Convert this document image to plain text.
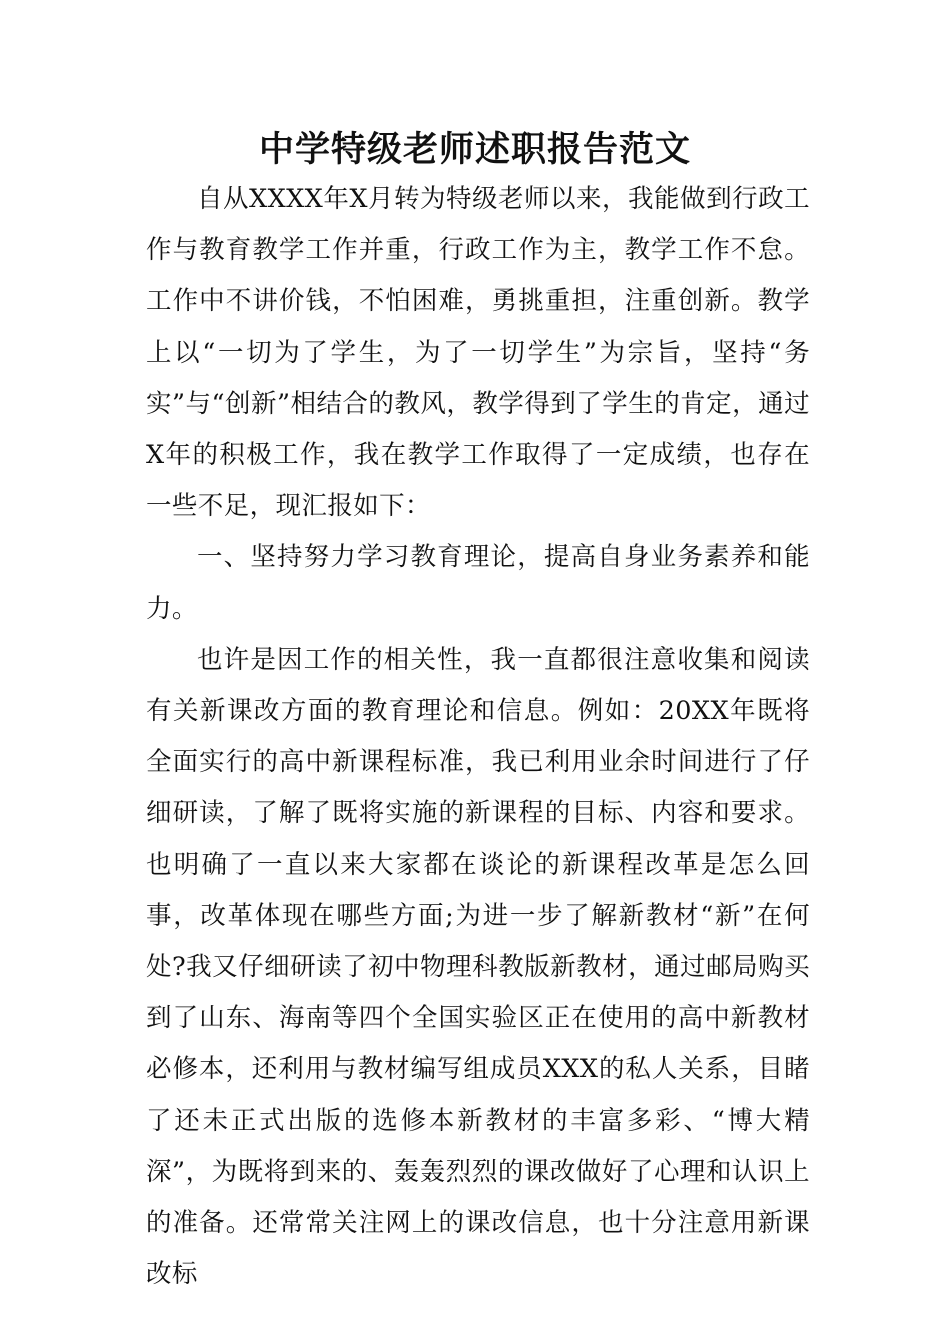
中学特级老师述职报告范文

自从XXXX年X月转为特级老师以来，我能做到行政工作与教育教学工作并重，行政工作为主，教学工作不怠。工作中不讲价钱，不怕困难，勇挑重担，注重创新。教学上以“一切为了学生，为了一切学生”为宗旨，坚持“务实”与“创新”相结合的教风，教学得到了学生的肯定，通过X年的积极工作，我在教学工作取得了一定成绩，也存在一些不足，现汇报如下：

一、坚持努力学习教育理论，提高自身业务素养和能力。

也许是因工作的相关性，我一直都很注意收集和阅读有关新课改方面的教育理论和信息。例如：20XX年既将全面实行的高中新课程标准，我已利用业余时间进行了仔细研读，了解了既将实施的新课程的目标、内容和要求。也明确了一直以来大家都在谈论的新课程改革是怎么回事，改革体现在哪些方面;为进一步了解新教材“新”在何处?我又仔细研读了初中物理科教版新教材，通过邮局购买到了山东、海南等四个全国实验区正在使用的高中新教材必修本，还利用与教材编写组成员XXX的私人关系，目睹了还未正式出版的选修本新教材的丰富多彩、“博大精深”，为既将到来的、轰轰烈烈的课改做好了心理和认识上的准备。还常常关注网上的课改信息，也十分注意用新课改标
